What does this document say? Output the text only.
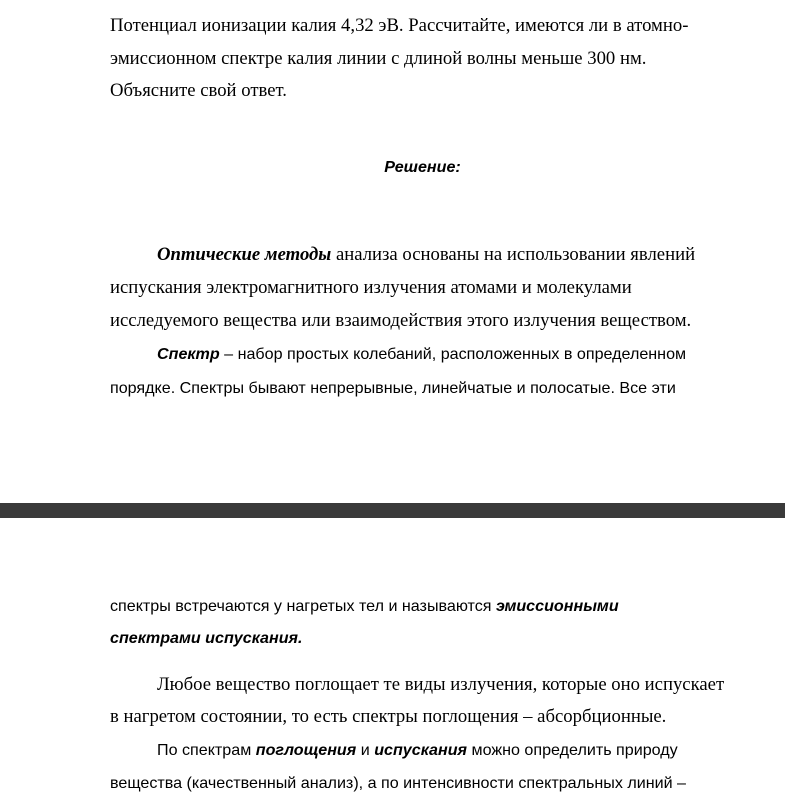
Потенциал ионизации калия 4,32 эВ. Рассчитайте, имеются ли в атомно-
эмиссионном спектре калия линии с длиной волны меньше 300 нм.
Объясните свой ответ.
Решение:
Оптические методы анализа основаны на использовании явлений
испускания электромагнитного излучения атомами и молекулами
исследуемого вещества или взаимодействия этого излучения веществом.
Спектр – набор простых колебаний, расположенных в определенном
порядке. Спектры бывают непрерывные, линейчатые и полосатые. Все эти
спектры встречаются у нагретых тел и называются эмиссионными
спектрами испускания.
Любое вещество поглощает те виды излучения, которые оно испускает
в нагретом состоянии, то есть спектры поглощения – абсорбционные.
По спектрам поглощения и испускания можно определить природу
вещества (качественный анализ), а по интенсивности спектральных линий –
